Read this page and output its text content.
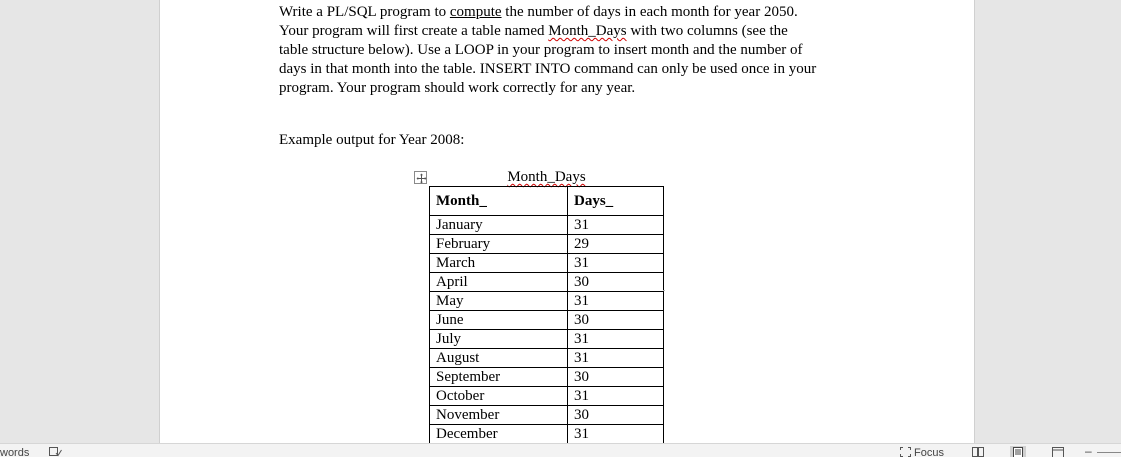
Write a PL/SQL program to compute the number of days in each month for year 2050.
Your program will first create a table named Month_Days with two columns (see the
table structure below). Use a LOOP in your program to insert month and the number of
days in that month into the table. INSERT INTO command can only be used once in your
program. Your program should work correctly for any year.
Example output for Year 2008:
Month_Days
Month_	Days_
January	31
February	29
March	31
April	30
May	31
June	30
July	31
August	31
September	30
October	31
November	30
December	31
words	Focus	–
